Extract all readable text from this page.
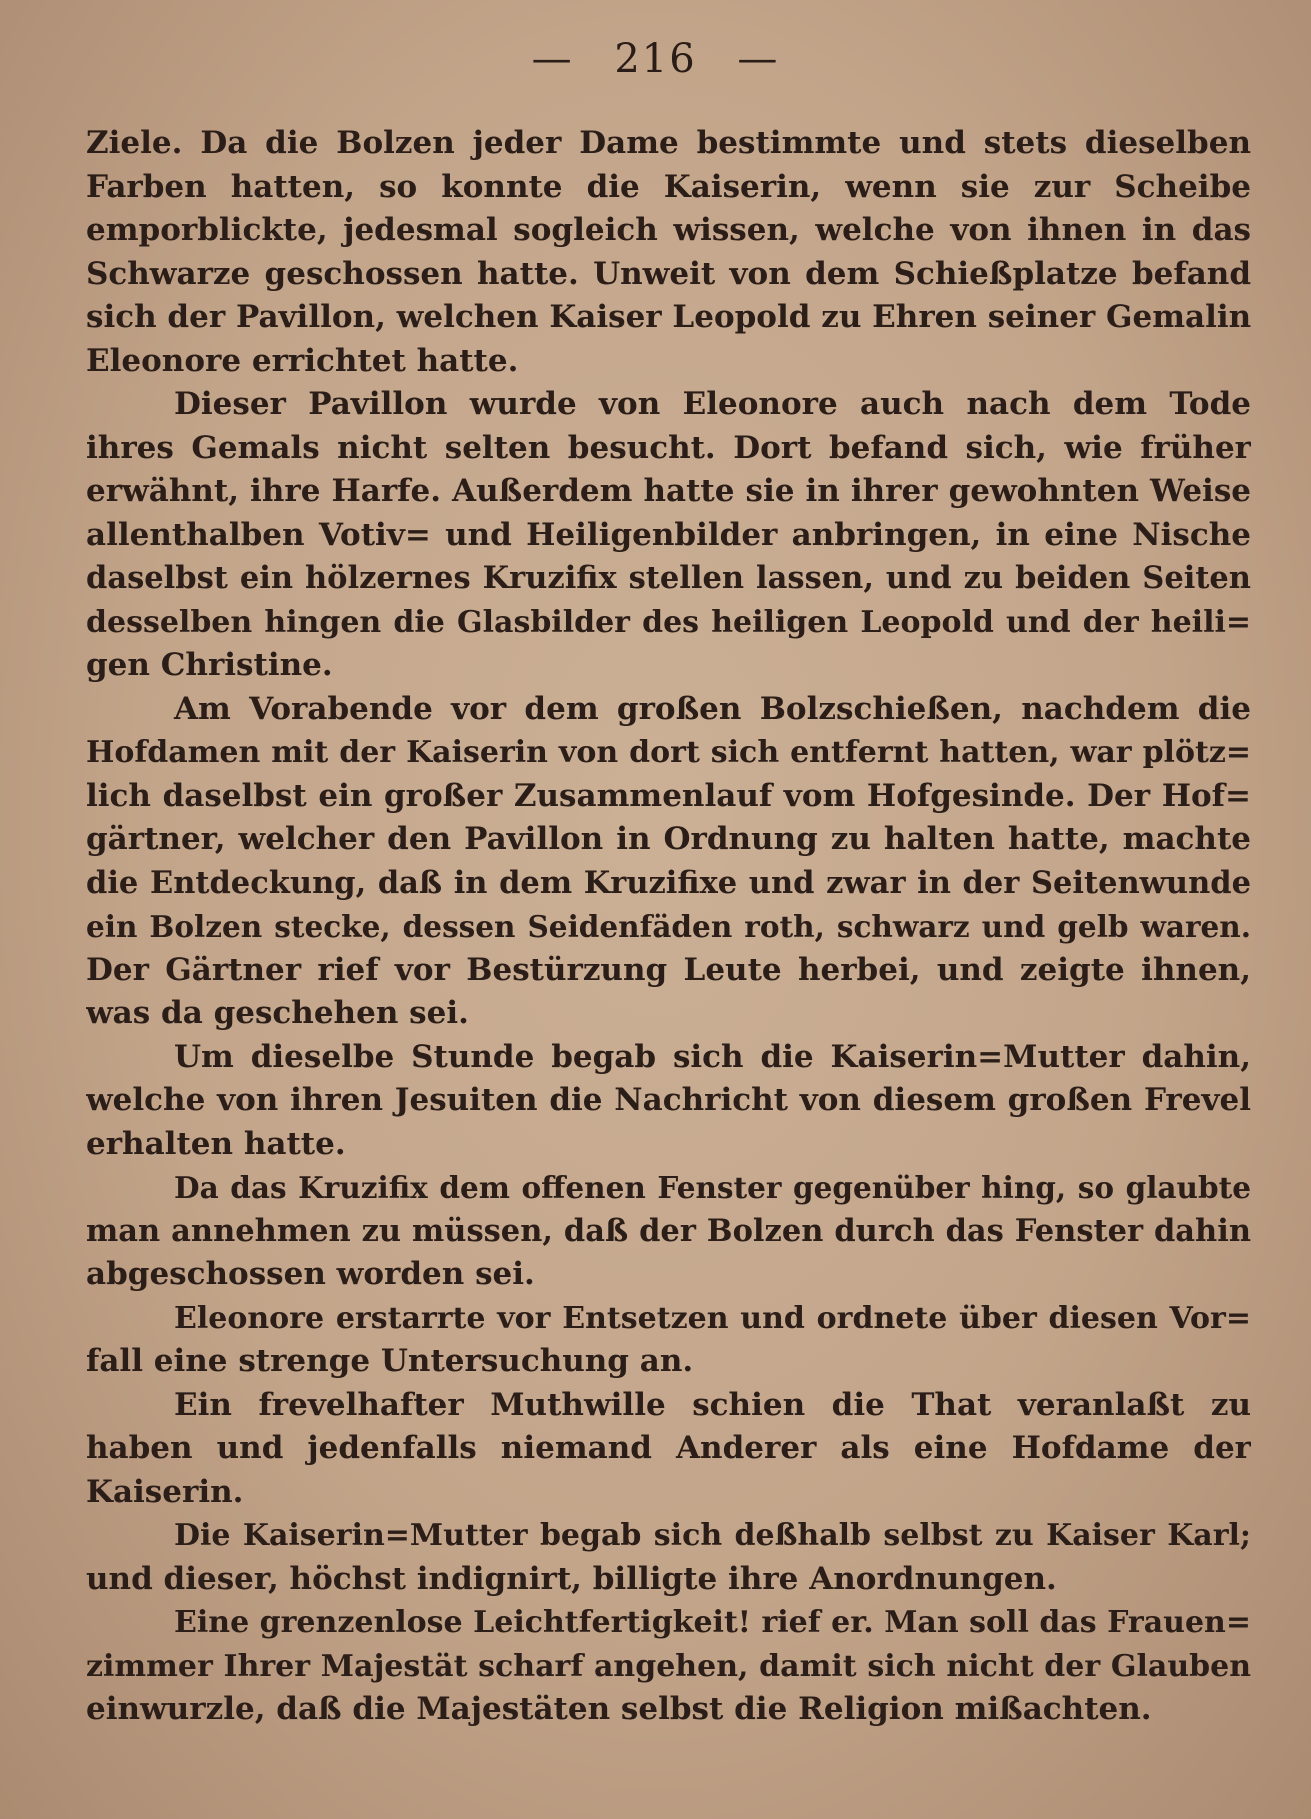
— 216 —
Ziele. Da die Bolzen jeder Dame bestimmte und stets dieselben
Farben hatten, so konnte die Kaiserin, wenn sie zur Scheibe
emporblickte, jedesmal sogleich wissen, welche von ihnen in das
Schwarze geschossen hatte. Unweit von dem Schießplatze befand
sich der Pavillon, welchen Kaiser Leopold zu Ehren seiner Gemalin
Eleonore errichtet hatte.
Dieser Pavillon wurde von Eleonore auch nach dem Tode
ihres Gemals nicht selten besucht. Dort befand sich, wie früher
erwähnt, ihre Harfe. Außerdem hatte sie in ihrer gewohnten Weise
allenthalben Votiv= und Heiligenbilder anbringen, in eine Nische
daselbst ein hölzernes Kruzifix stellen lassen, und zu beiden Seiten
desselben hingen die Glasbilder des heiligen Leopold und der heili=
gen Christine.
Am Vorabende vor dem großen Bolzschießen, nachdem die
Hofdamen mit der Kaiserin von dort sich entfernt hatten, war plötz=
lich daselbst ein großer Zusammenlauf vom Hofgesinde. Der Hof=
gärtner, welcher den Pavillon in Ordnung zu halten hatte, machte
die Entdeckung, daß in dem Kruzifixe und zwar in der Seitenwunde
ein Bolzen stecke, dessen Seidenfäden roth, schwarz und gelb waren.
Der Gärtner rief vor Bestürzung Leute herbei, und zeigte ihnen,
was da geschehen sei.
Um dieselbe Stunde begab sich die Kaiserin=Mutter dahin,
welche von ihren Jesuiten die Nachricht von diesem großen Frevel
erhalten hatte.
Da das Kruzifix dem offenen Fenster gegenüber hing, so glaubte
man annehmen zu müssen, daß der Bolzen durch das Fenster dahin
abgeschossen worden sei.
Eleonore erstarrte vor Entsetzen und ordnete über diesen Vor=
fall eine strenge Untersuchung an.
Ein frevelhafter Muthwille schien die That veranlaßt zu
haben und jedenfalls niemand Anderer als eine Hofdame der
Kaiserin.
Die Kaiserin=Mutter begab sich deßhalb selbst zu Kaiser Karl;
und dieser, höchst indignirt, billigte ihre Anordnungen.
Eine grenzenlose Leichtfertigkeit! rief er. Man soll das Frauen=
zimmer Ihrer Majestät scharf angehen, damit sich nicht der Glauben
einwurzle, daß die Majestäten selbst die Religion mißachten.
